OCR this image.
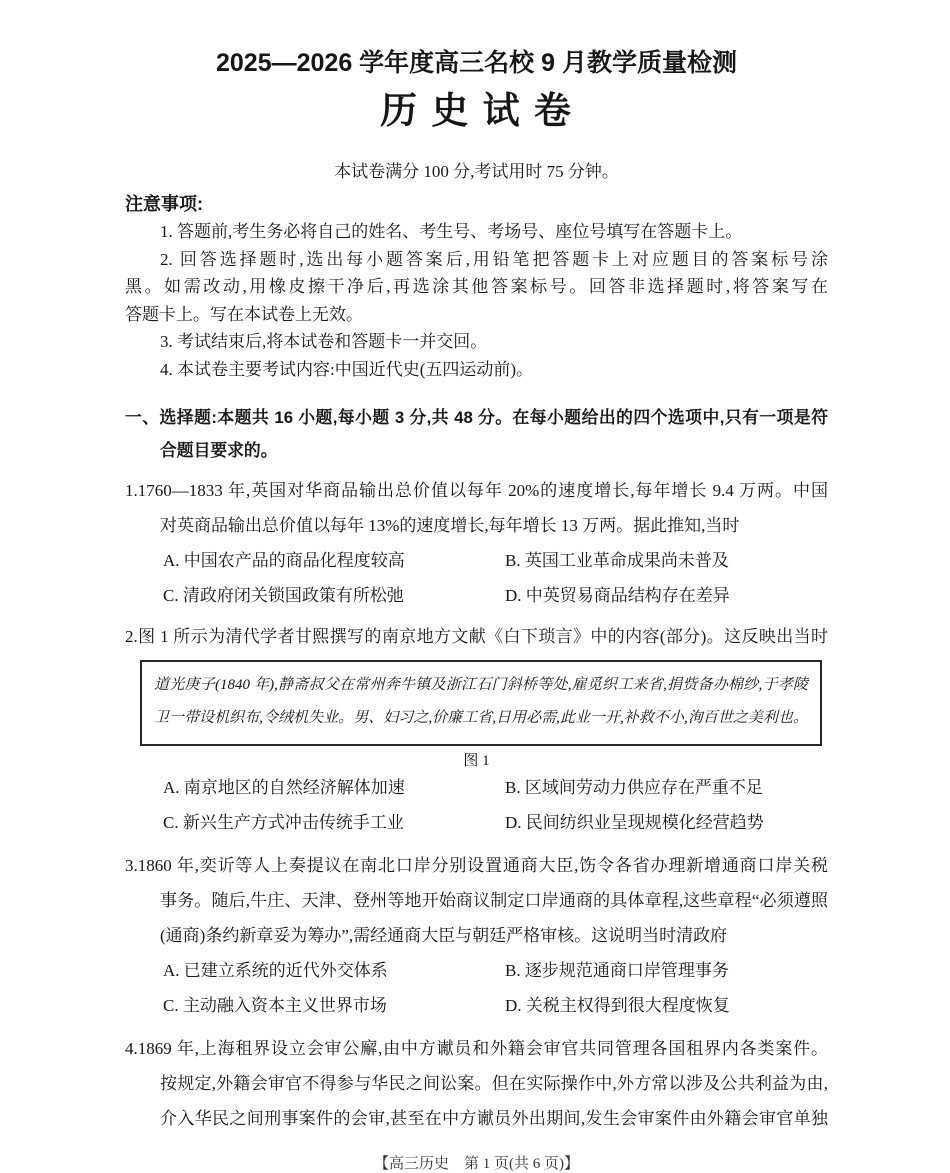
2025—2026 学年度高三名校 9 月教学质量检测
历 史 试 卷
本试卷满分 100 分,考试用时 75 分钟。
注意事项:
1. 答题前,考生务必将自己的姓名、考生号、考场号、座位号填写在答题卡上。
2. 回答选择题时,选出每小题答案后,用铅笔把答题卡上对应题目的答案标号涂
黑。如需改动,用橡皮擦干净后,再选涂其他答案标号。回答非选择题时,将答案写在
答题卡上。写在本试卷上无效。
3. 考试结束后,将本试卷和答题卡一并交回。
4. 本试卷主要考试内容:中国近代史(五四运动前)。
一、选择题:本题共 16 小题,每小题 3 分,共 48 分。在每小题给出的四个选项中,只有一项是符
合题目要求的。
1.1760—1833 年,英国对华商品输出总价值以每年 20%的速度增长,每年增长 9.4 万两。中国
对英商品输出总价值以每年 13%的速度增长,每年增长 13 万两。据此推知,当时
A. 中国农产品的商品化程度较高	B. 英国工业革命成果尚未普及
C. 清政府闭关锁国政策有所松弛	D. 中英贸易商品结构存在差异
2.图 1 所示为清代学者甘熙撰写的南京地方文献《白下琐言》中的内容(部分)。这反映出当时
道光庚子(1840 年),静斋叔父在常州奔牛镇及浙江石门斜桥等处,雇觅织工来省,捐赀备办棉纱,于孝陵
卫一带设机织布,令绒机失业。男、妇习之,价廉工省,日用必需,此业一开,补救不小,洵百世之美利也。
图 1
A. 南京地区的自然经济解体加速	B. 区域间劳动力供应存在严重不足
C. 新兴生产方式冲击传统手工业	D. 民间纺织业呈现规模化经营趋势
3.1860 年,奕䜣等人上奏提议在南北口岸分别设置通商大臣,饬令各省办理新增通商口岸关税
事务。随后,牛庄、天津、登州等地开始商议制定口岸通商的具体章程,这些章程“必须遵照
(通商)条约新章妥为筹办”,需经通商大臣与朝廷严格审核。这说明当时清政府
A. 已建立系统的近代外交体系	B. 逐步规范通商口岸管理事务
C. 主动融入资本主义世界市场	D. 关税主权得到很大程度恢复
4.1869 年,上海租界设立会审公廨,由中方谳员和外籍会审官共同管理各国租界内各类案件。
按规定,外籍会审官不得参与华民之间讼案。但在实际操作中,外方常以涉及公共利益为由,
介入华民之间刑事案件的会审,甚至在中方谳员外出期间,发生会审案件由外籍会审官单独
【高三历史　第 1 页(共 6 页)】
